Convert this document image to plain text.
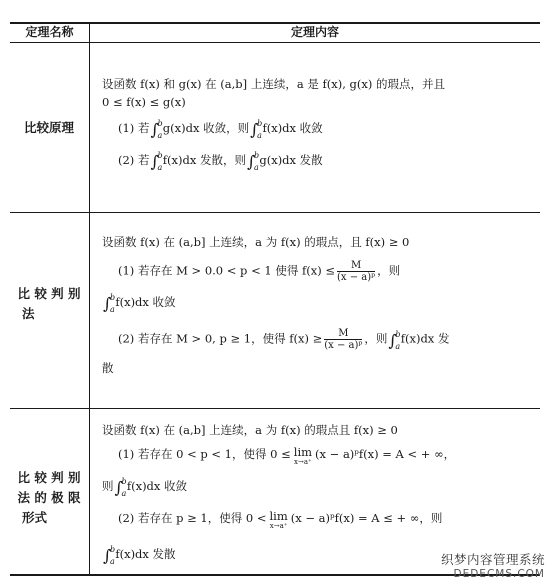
定理名称	定理内容
比较原理
设函数 f(x) 和 g(x) 在 (a,b] 上连续，a 是 f(x), g(x) 的瑕点，并且
0 ≤ f(x) ≤ g(x)
(1) 若∫
b
a
g(x)dx 收敛，则∫
b
a
f(x)dx 收敛
(2) 若∫
b
a
f(x)dx 发散，则∫
b
a
g(x)dx 发散
比 较 判 别
法
设函数 f(x) 在 (a,b] 上连续，a 为 f(x) 的瑕点，且 f(x) ≥ 0
(1) 若存在 M > 0.0 < p < 1 使得 $f(x) \le \frac{M}{\text{(x − a)ᵖ}}$ ，则
∫
b
a
f(x)dx 收敛
(2) 若存在 M > 0, p ≥ 1，使得 $f(x) \ge \frac{M}{\text{(x − a)ᵖ}}$ ，则∫
b
a
f(x)dx 发
散
比 较 判 别
法 的 极 限
形式
设函数 f(x) 在 (a,b] 上连续，a 为 f(x) 的瑕点且 f(x) ≥ 0
(1) 若存在 0 < p < 1，使得 0 ≤ lim
x→a⁺
(x − a)ᵖf(x) = A < + ∞，
则∫
b
a
f(x)dx 收敛
(2) 若存在 p ≥ 1，使得 0 < lim
x→a⁺
(x − a)ᵖf(x) = A ≤ + ∞，则
∫
b
a
f(x)dx 发散	织梦内容管理系统
DEDECMS.COM
